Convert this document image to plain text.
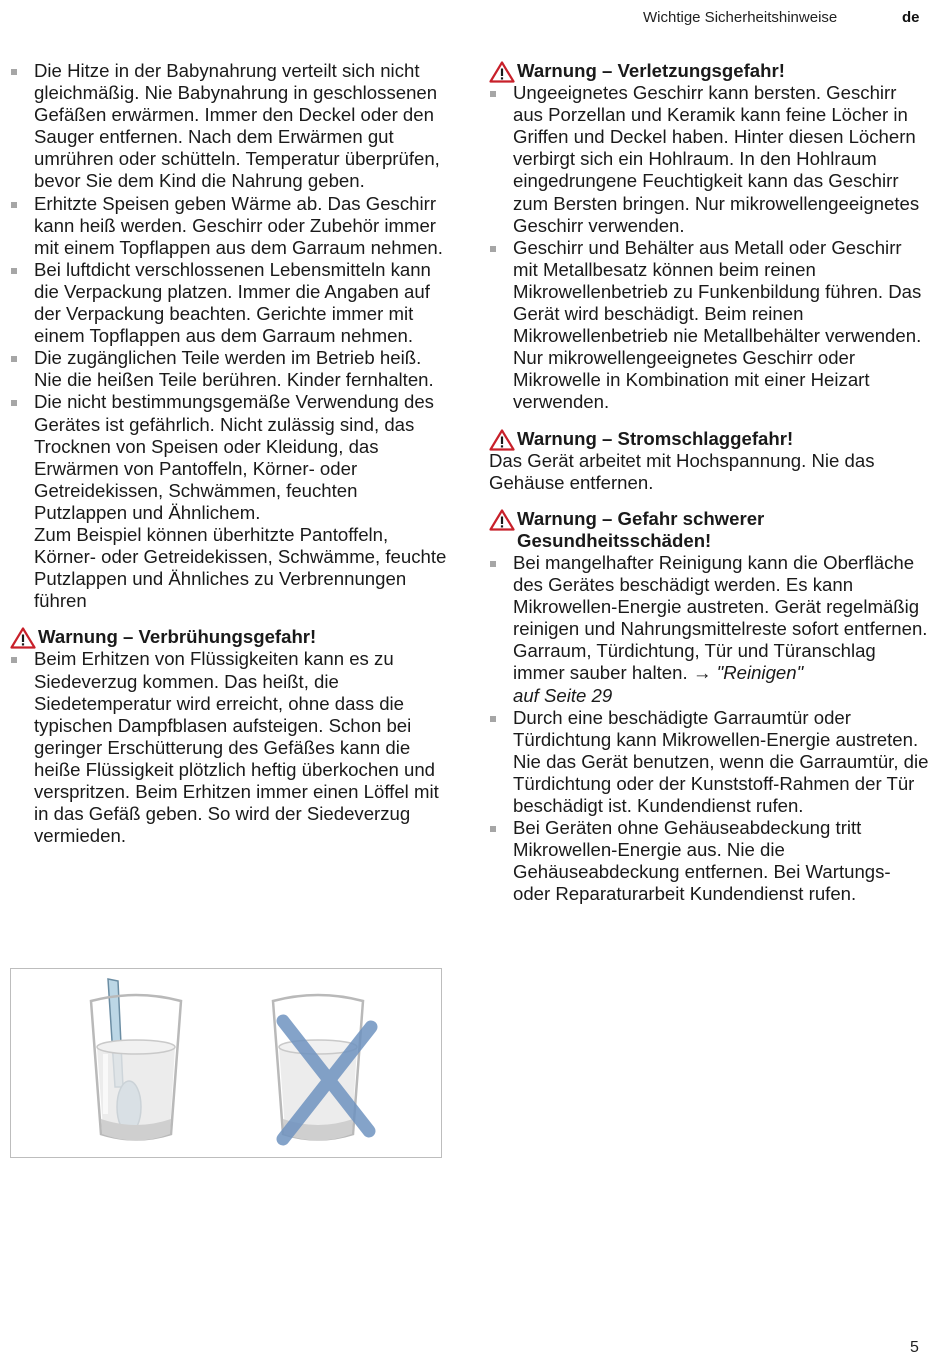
Wichtige Sicherheitshinweise	de

Die Hitze in der Babynahrung verteilt sich nicht gleichmäßig. Nie Babynahrung in geschlossenen Gefäßen erwärmen. Immer den Deckel oder den Sauger entfernen. Nach dem Erwärmen gut umrühren oder schütteln. Temperatur überprüfen, bevor Sie dem Kind die Nahrung geben.

Erhitzte Speisen geben Wärme ab. Das Geschirr kann heiß werden. Geschirr oder Zubehör immer mit einem Topflappen aus dem Garraum nehmen.

Bei luftdicht verschlossenen Lebensmitteln kann die Verpackung platzen. Immer die Angaben auf der Verpackung beachten. Gerichte immer mit einem Topflappen aus dem Garraum nehmen.

Die zugänglichen Teile werden im Betrieb heiß. Nie die heißen Teile berühren. Kinder fernhalten.

Die nicht bestimmungsgemäße Verwendung des Gerätes ist gefährlich. Nicht zulässig sind, das Trocknen von Speisen oder Kleidung, das Erwärmen von Pantoffeln, Körner- oder Getreidekissen, Schwämmen, feuchten Putzlappen und Ähnlichem.

Zum Beispiel können überhitzte Pantoffeln, Körner- oder Getreidekissen, Schwämme, feuchte Putzlappen und Ähnliches zu Verbrennungen führen

Warnung – Verbrühungsgefahr!

Beim Erhitzen von Flüssigkeiten kann es zu Siedeverzug kommen. Das heißt, die Siedetemperatur wird erreicht, ohne dass die typischen Dampfblasen aufsteigen. Schon bei geringer Erschütterung des Gefäßes kann die heiße Flüssigkeit plötzlich heftig überkochen und verspritzen. Beim Erhitzen immer einen Löffel mit in das Gefäß geben. So wird der Siedeverzug vermieden.

Warnung – Verletzungsgefahr!

Ungeeignetes Geschirr kann bersten. Geschirr aus Porzellan und Keramik kann feine Löcher in Griffen und Deckel haben. Hinter diesen Löchern verbirgt sich ein Hohlraum. In den Hohlraum eingedrungene Feuchtigkeit kann das Geschirr zum Bersten bringen. Nur mikrowellengeeignetes Geschirr verwenden.

Geschirr und Behälter aus Metall oder Geschirr mit Metallbesatz können beim reinen Mikrowellenbetrieb zu Funkenbildung führen. Das Gerät wird beschädigt. Beim reinen Mikrowellenbetrieb nie Metallbehälter verwenden. Nur mikrowellengeeignetes Geschirr oder Mikrowelle in Kombination mit einer Heizart verwenden.

Warnung – Stromschlaggefahr!

Das Gerät arbeitet mit Hochspannung. Nie das Gehäuse entfernen.

Warnung – Gefahr schwerer Gesundheitsschäden!

Bei mangelhafter Reinigung kann die Oberfläche des Gerätes beschädigt werden. Es kann Mikrowellen-Energie austreten. Gerät regelmäßig reinigen und Nahrungsmittelreste sofort entfernen. Garraum, Türdichtung, Tür und Türanschlag immer sauber halten. → "Reinigen"
auf Seite 29

Durch eine beschädigte Garraumtür oder Türdichtung kann Mikrowellen-Energie austreten. Nie das Gerät benutzen, wenn die Garraumtür, die Türdichtung oder der Kunststoff-Rahmen der Tür beschädigt ist. Kundendienst rufen.

Bei Geräten ohne Gehäuseabdeckung tritt Mikrowellen-Energie aus. Nie die Gehäuseabdeckung entfernen. Bei Wartungs- oder Reparaturarbeit Kundendienst rufen.

5
